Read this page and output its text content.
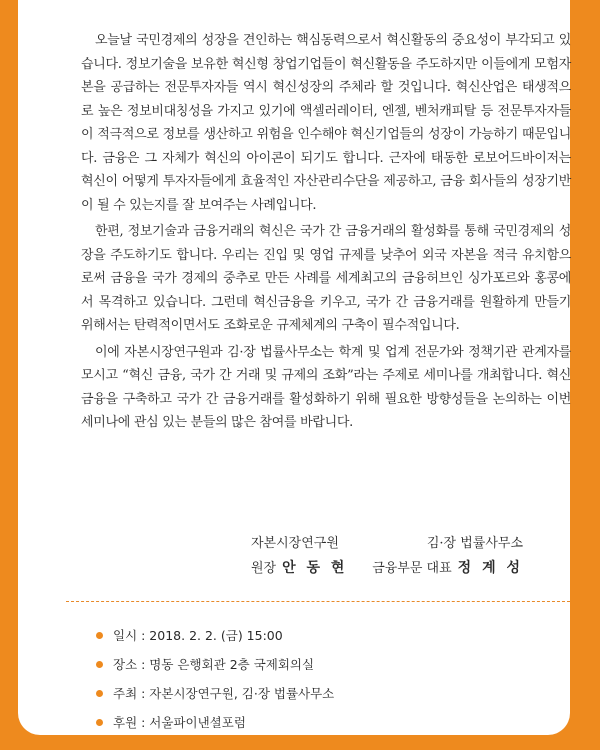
오늘날 국민경제의 성장을 견인하는 핵심동력으로서 혁신활동의 중요성이 부각되고 있습니다. 정보기술을 보유한 혁신형 창업기업들이 혁신활동을 주도하지만 이들에게 모험자본을 공급하는 전문투자자들 역시 혁신성장의 주체라 할 것입니다. 혁신산업은 태생적으로 높은 정보비대칭성을 가지고 있기에 액셀러레이터, 엔젤, 벤처캐피탈 등 전문투자자들이 적극적으로 정보를 생산하고 위험을 인수해야 혁신기업들의 성장이 가능하기 때문입니다. 금융은 그 자체가 혁신의 아이콘이 되기도 합니다. 근자에 태동한 로보어드바이저는 혁신이 어떻게 투자자들에게 효율적인 자산관리수단을 제공하고, 금융 회사들의 성장기반이 될 수 있는지를 잘 보여주는 사례입니다.

한편, 정보기술과 금융거래의 혁신은 국가 간 금융거래의 활성화를 통해 국민경제의 성장을 주도하기도 합니다. 우리는 진입 및 영업 규제를 낮추어 외국 자본을 적극 유치함으로써 금융을 국가 경제의 중추로 만든 사례를 세계최고의 금융허브인 싱가포르와 홍콩에서 목격하고 있습니다. 그런데 혁신금융을 키우고, 국가 간 금융거래를 원활하게 만들기 위해서는 탄력적이면서도 조화로운 규제체계의 구축이 필수적입니다.

이에 자본시장연구원과 김·장 법률사무소는 학계 및 업계 전문가와 정책기관 관계자를 모시고 “혁신 금융, 국가 간 거래 및 규제의 조화”라는 주제로 세미나를 개최합니다. 혁신 금융을 구축하고 국가 간 금융거래를 활성화하기 위해 필요한 방향성들을 논의하는 이번 세미나에 관심 있는 분들의 많은 참여를 바랍니다.

자본시장연구원
원장 안 동 현
김·장 법률사무소
금융부문 대표 정 계 성
일시 : 2018. 2. 2. (금) 15:00
장소 : 명동 은행회관 2층 국제회의실
주최 : 자본시장연구원, 김·장 법률사무소
후원 : 서울파이낸셜포럼
